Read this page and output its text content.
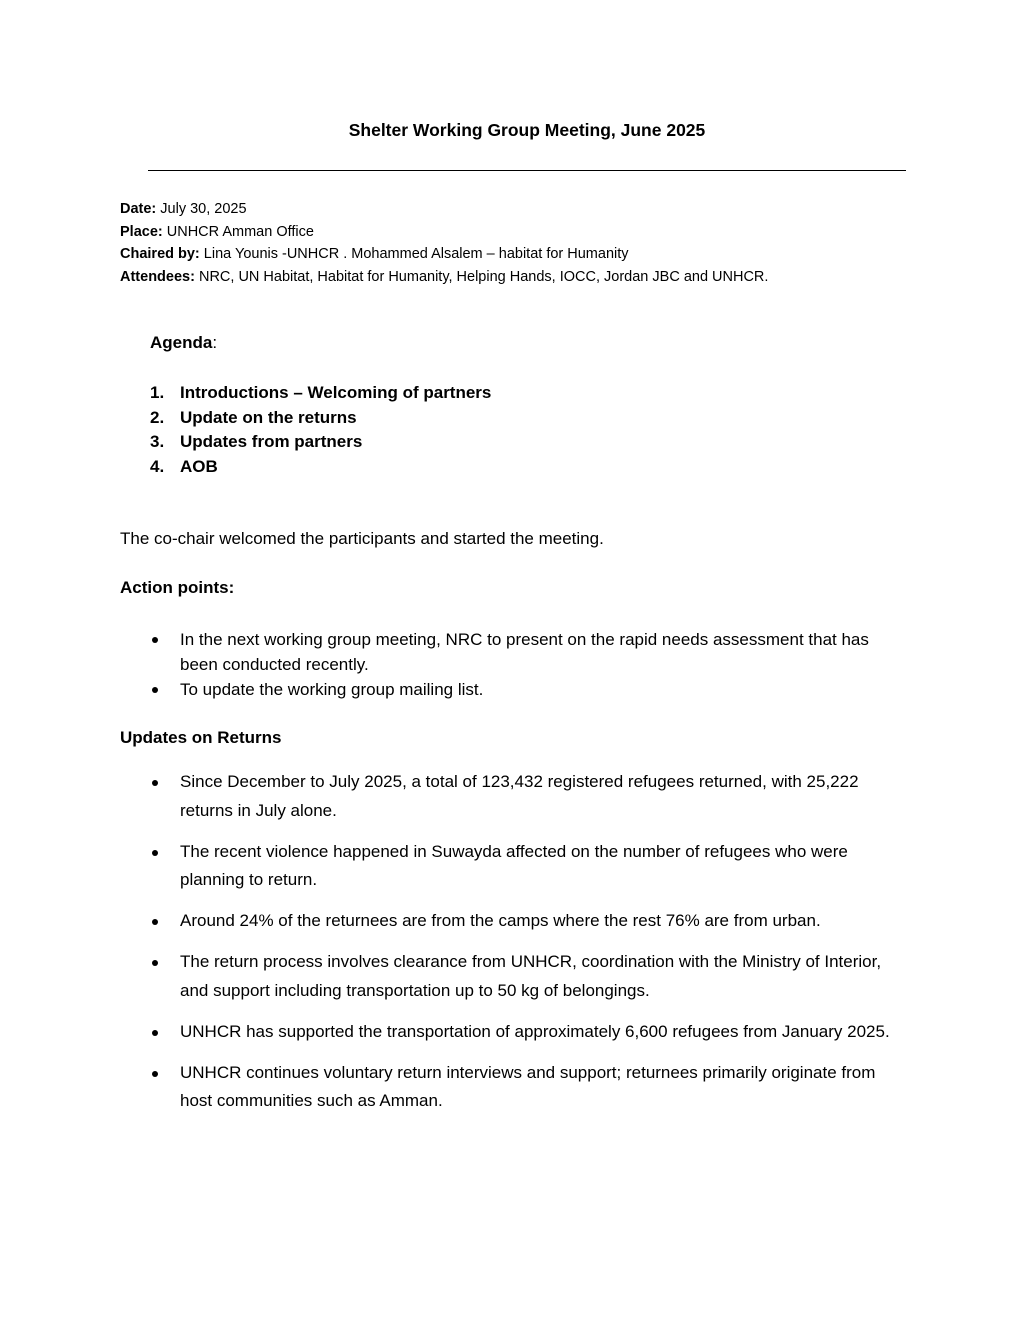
Shelter Working Group Meeting, June 2025
Date: July 30, 2025
Place: UNHCR Amman Office
Chaired by: Lina Younis -UNHCR . Mohammed Alsalem – habitat for Humanity
Attendees: NRC, UN Habitat, Habitat for Humanity, Helping Hands, IOCC, Jordan JBC and UNHCR.
Agenda:
1. Introductions – Welcoming of partners
2. Update on the returns
3. Updates from partners
4. AOB
The co-chair welcomed the participants and started the meeting.
Action points:
In the next working group meeting, NRC to present on the rapid needs assessment that has been conducted recently.
To update the working group mailing list.
Updates on Returns
Since December to July 2025, a total of 123,432 registered refugees returned, with 25,222 returns in July alone.
The recent violence happened in Suwayda affected on the number of refugees who were planning to return.
Around 24% of the returnees are from the camps where the rest 76% are from urban.
The return process involves clearance from UNHCR, coordination with the Ministry of Interior, and support including transportation up to 50 kg of belongings.
UNHCR has supported the transportation of approximately 6,600 refugees from January 2025.
UNHCR continues voluntary return interviews and support; returnees primarily originate from host communities such as Amman.
